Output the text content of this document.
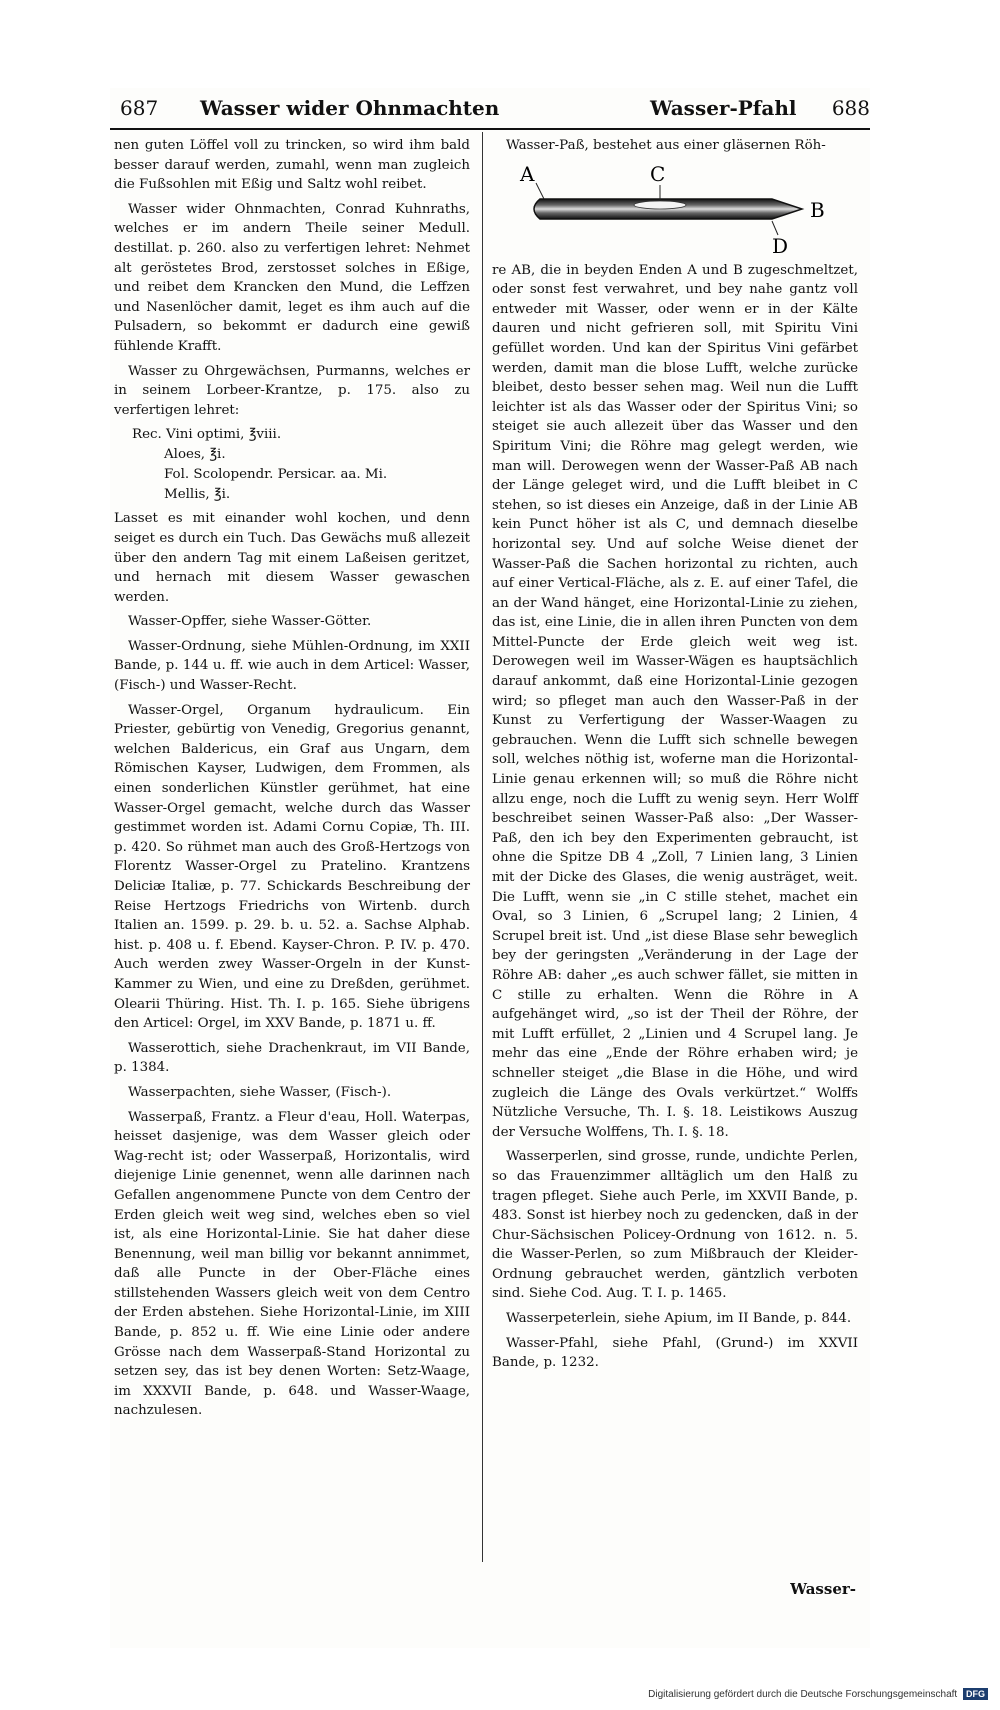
687 Wasser wider Ohnmachten	Wasser-Pfahl 688

nen guten Löffel voll zu trincken, so wird ihm bald besser darauf werden, zumahl, wenn man zugleich die Fußsohlen mit Eßig und Saltz wohl reibet.

Wasser wider Ohnmachten, Conrad Kuhnraths, welches er im andern Theile seiner Medull. destillat. p. 260. also zu verfertigen lehret: Nehmet alt geröstetes Brod, zerstosset solches in Eßige, und reibet dem Krancken den Mund, die Leffzen und Nasenlöcher damit, leget es ihm auch auf die Pulsadern, so bekommt er dadurch eine gewiß fühlende Krafft.

Wasser zu Ohrgewächsen, Purmanns, welches er in seinem Lorbeer-Krantze, p. 175. also zu verfertigen lehret:

Rec. Vini optimi, ℥viii.
Aloes, ℥i.
Fol. Scolopendr. Persicar. aa. Mi.
Mellis, ℥i.

Lasset es mit einander wohl kochen, und denn seiget es durch ein Tuch. Das Gewächs muß allezeit über den andern Tag mit einem Laßeisen geritzet, und hernach mit diesem Wasser gewaschen werden.

Wasser-Opffer, siehe Wasser-Götter.

Wasser-Ordnung, siehe Mühlen-Ordnung, im XXII Bande, p. 144 u. ff. wie auch in dem Articel: Wasser, (Fisch-) und Wasser-Recht.

Wasser-Orgel, Organum hydraulicum. Ein Priester, gebürtig von Venedig, Gregorius genannt, welchen Baldericus, ein Graf aus Ungarn, dem Römischen Kayser, Ludwigen, dem Frommen, als einen sonderlichen Künstler gerühmet, hat eine Wasser-Orgel gemacht, welche durch das Wasser gestimmet worden ist. Adami Cornu Copiæ, Th. III. p. 420. So rühmet man auch des Groß-Hertzogs von Florentz Wasser-Orgel zu Pratelino. Krantzens Deliciæ Italiæ, p. 77. Schickards Beschreibung der Reise Hertzogs Friedrichs von Wirtenb. durch Italien an. 1599. p. 29. b. u. 52. a. Sachse Alphab. hist. p. 408 u. f. Ebend. Kayser-Chron. P. IV. p. 470. Auch werden zwey Wasser-Orgeln in der Kunst-Kammer zu Wien, und eine zu Dreßden, gerühmet. Olearii Thüring. Hist. Th. I. p. 165. Siehe übrigens den Articel: Orgel, im XXV Bande, p. 1871 u. ff.

Wasserottich, siehe Drachenkraut, im VII Bande, p. 1384.

Wasserpachten, siehe Wasser, (Fisch-).

Wasserpaß, Frantz. a Fleur d'eau, Holl. Waterpas, heisset dasjenige, was dem Wasser gleich oder Wag-recht ist; oder Wasserpaß, Horizontalis, wird diejenige Linie genennet, wenn alle darinnen nach Gefallen angenommene Puncte von dem Centro der Erden gleich weit weg sind, welches eben so viel ist, als eine Horizontal-Linie. Sie hat daher diese Benennung, weil man billig vor bekannt annimmet, daß alle Puncte in der Ober-Fläche eines stillstehenden Wassers gleich weit von dem Centro der Erden abstehen. Siehe Horizontal-Linie, im XIII Bande, p. 852 u. ff. Wie eine Linie oder andere Grösse nach dem Wasserpaß-Stand Horizontal zu setzen sey, das ist bey denen Worten: Setz-Waage, im XXXVII Bande, p. 648. und Wasser-Waage, nachzulesen.

Wasser-Paß, bestehet aus einer gläsernen Röh-

A	C
B
D

re AB, die in beyden Enden A und B zugeschmeltzet, oder sonst fest verwahret, und bey nahe gantz voll entweder mit Wasser, oder wenn er in der Kälte dauren und nicht gefrieren soll, mit Spiritu Vini gefüllet worden. Und kan der Spiritus Vini gefärbet werden, damit man die blose Lufft, welche zurücke bleibet, desto besser sehen mag. Weil nun die Lufft leichter ist als das Wasser oder der Spiritus Vini; so steiget sie auch allezeit über das Wasser und den Spiritum Vini; die Röhre mag gelegt werden, wie man will. Derowegen wenn der Wasser-Paß AB nach der Länge geleget wird, und die Lufft bleibet in C stehen, so ist dieses ein Anzeige, daß in der Linie AB kein Punct höher ist als C, und demnach dieselbe horizontal sey. Und auf solche Weise dienet der Wasser-Paß die Sachen horizontal zu richten, auch auf einer Vertical-Fläche, als z. E. auf einer Tafel, die an der Wand hänget, eine Horizontal-Linie zu ziehen, das ist, eine Linie, die in allen ihren Puncten von dem Mittel-Puncte der Erde gleich weit weg ist. Derowegen weil im Wasser-Wägen es hauptsächlich darauf ankommt, daß eine Horizontal-Linie gezogen wird; so pfleget man auch den Wasser-Paß in der Kunst zu Verfertigung der Wasser-Waagen zu gebrauchen. Wenn die Lufft sich schnelle bewegen soll, welches nöthig ist, woferne man die Horizontal-Linie genau erkennen will; so muß die Röhre nicht allzu enge, noch die Lufft zu wenig seyn. Herr Wolff beschreibet seinen Wasser-Paß also: „Der Wasser-Paß, den ich bey den Experimenten gebraucht, ist ohne die Spitze DB 4 „Zoll, 7 Linien lang, 3 Linien mit der Dicke des Glases, die wenig austräget, weit. Die Lufft, wenn sie „in C stille stehet, machet ein Oval, so 3 Linien, 6 „Scrupel lang; 2 Linien, 4 Scrupel breit ist. Und „ist diese Blase sehr beweglich bey der geringsten „Veränderung in der Lage der Röhre AB: daher „es auch schwer fället, sie mitten in C stille zu erhalten. Wenn die Röhre in A aufgehänget wird, „so ist der Theil der Röhre, der mit Lufft erfüllet, 2 „Linien und 4 Scrupel lang. Je mehr das eine „Ende der Röhre erhaben wird; je schneller steiget „die Blase in die Höhe, und wird zugleich die Länge des Ovals verkürtzet.“ Wolffs Nützliche Versuche, Th. I. §. 18. Leistikows Auszug der Versuche Wolffens, Th. I. §. 18.

Wasserperlen, sind grosse, runde, undichte Perlen, so das Frauenzimmer alltäglich um den Halß zu tragen pfleget. Siehe auch Perle, im XXVII Bande, p. 483. Sonst ist hierbey noch zu gedencken, daß in der Chur-Sächsischen Policey-Ordnung von 1612. n. 5. die Wasser-Perlen, so zum Mißbrauch der Kleider-Ordnung gebrauchet werden, gäntzlich verboten sind. Siehe Cod. Aug. T. I. p. 1465.

Wasserpeterlein, siehe Apium, im II Bande, p. 844.

Wasser-Pfahl, siehe Pfahl, (Grund-) im XXVII Bande, p. 1232.

Wasser-
Digitalisierung gefördert durch die Deutsche Forschungsgemeinschaft DFG
